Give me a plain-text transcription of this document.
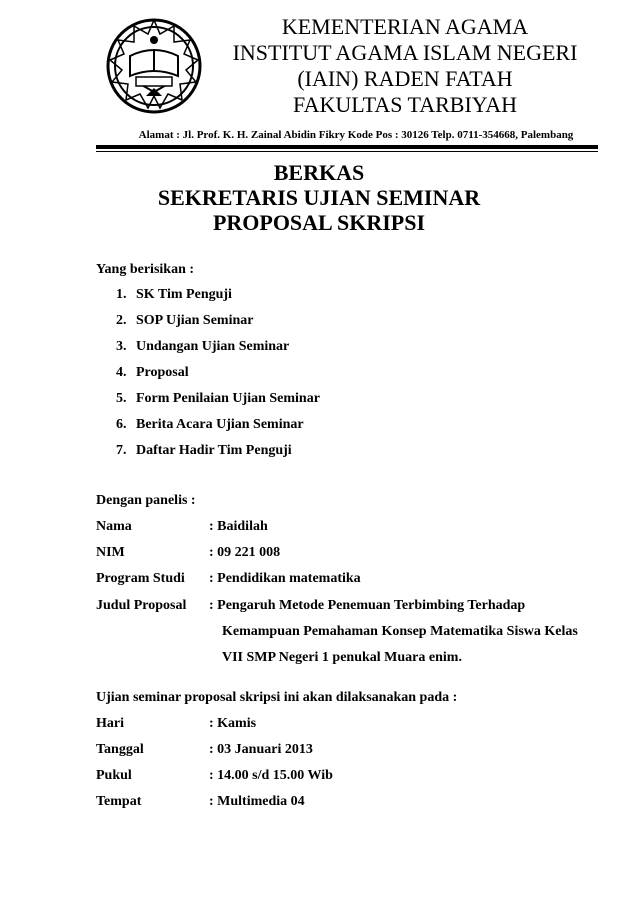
KEMENTERIAN AGAMA
INSTITUT AGAMA ISLAM NEGERI
(IAIN) RADEN FATAH
FAKULTAS TARBIYAH
Alamat : Jl. Prof. K. H. Zainal Abidin Fikry Kode Pos : 30126 Telp. 0711-354668, Palembang
BERKAS
SEKRETARIS UJIAN SEMINAR
PROPOSAL SKRIPSI
Yang berisikan :
1. SK Tim Penguji
2. SOP Ujian Seminar
3. Undangan Ujian Seminar
4. Proposal
5. Form Penilaian Ujian Seminar
6. Berita Acara Ujian Seminar
7. Daftar Hadir Tim Penguji
Dengan panelis :
Nama	: Baidilah
NIM	: 09 221 008
Program Studi : Pendidikan matematika
Judul Proposal : Pengaruh Metode Penemuan Terbimbing Terhadap
Kemampuan Pemahaman Konsep Matematika Siswa Kelas
VII SMP Negeri 1 penukal Muara enim.
Ujian seminar proposal skripsi ini akan dilaksanakan pada :
Hari	: Kamis
Tanggal	: 03 Januari 2013
Pukul	: 14.00 s/d 15.00 Wib
Tempat	: Multimedia 04
